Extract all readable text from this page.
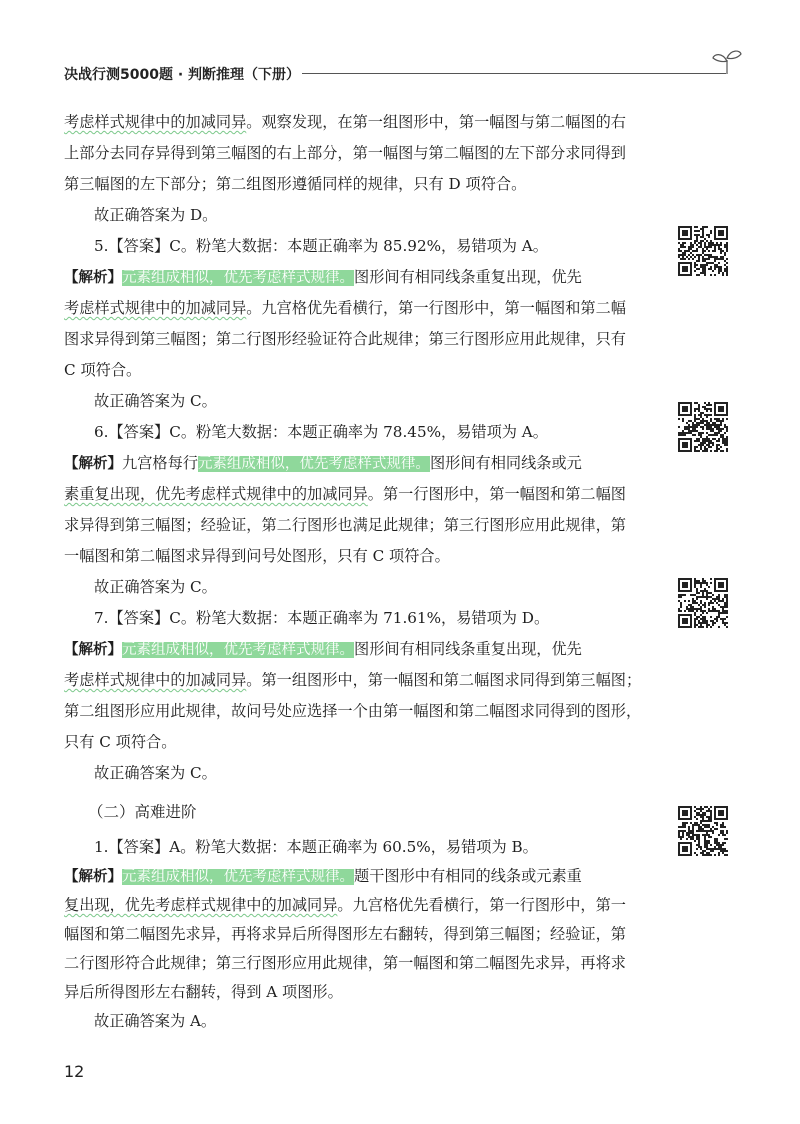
决战行测5000题 · 判断推理（下册）
考虑样式规律中的加减同异。观察发现，在第一组图形中，第一幅图与第二幅图的右
上部分去同存异得到第三幅图的右上部分，第一幅图与第二幅图的左下部分求同得到
第三幅图的左下部分；第二组图形遵循同样的规律，只有 D 项符合。
故正确答案为 D。
5.【答案】C。粉笔大数据：本题正确率为 85.92%，易错项为 A。
【解析】元素组成相似，优先考虑样式规律。图形间有相同线条重复出现，优先
考虑样式规律中的加减同异。九宫格优先看横行，第一行图形中，第一幅图和第二幅
图求异得到第三幅图；第二行图形经验证符合此规律；第三行图形应用此规律，只有
C 项符合。
故正确答案为 C。
6.【答案】C。粉笔大数据：本题正确率为 78.45%，易错项为 A。
【解析】九宫格每行元素组成相似，优先考虑样式规律。图形间有相同线条或元
素重复出现，优先考虑样式规律中的加减同异。第一行图形中，第一幅图和第二幅图
求异得到第三幅图；经验证，第二行图形也满足此规律；第三行图形应用此规律，第
一幅图和第二幅图求异得到问号处图形，只有 C 项符合。
故正确答案为 C。
7.【答案】C。粉笔大数据：本题正确率为 71.61%，易错项为 D。
【解析】元素组成相似，优先考虑样式规律。图形间有相同线条重复出现，优先
考虑样式规律中的加减同异。第一组图形中，第一幅图和第二幅图求同得到第三幅图；
第二组图形应用此规律，故问号处应选择一个由第一幅图和第二幅图求同得到的图形，
只有 C 项符合。
故正确答案为 C。
（二）高难进阶
1.【答案】A。粉笔大数据：本题正确率为 60.5%，易错项为 B。
【解析】元素组成相似，优先考虑样式规律。题干图形中有相同的线条或元素重
复出现，优先考虑样式规律中的加减同异。九宫格优先看横行，第一行图形中，第一
幅图和第二幅图先求异，再将求异后所得图形左右翻转，得到第三幅图；经验证，第
二行图形符合此规律；第三行图形应用此规律，第一幅图和第二幅图先求异，再将求
异后所得图形左右翻转，得到 A 项图形。
故正确答案为 A。
12
